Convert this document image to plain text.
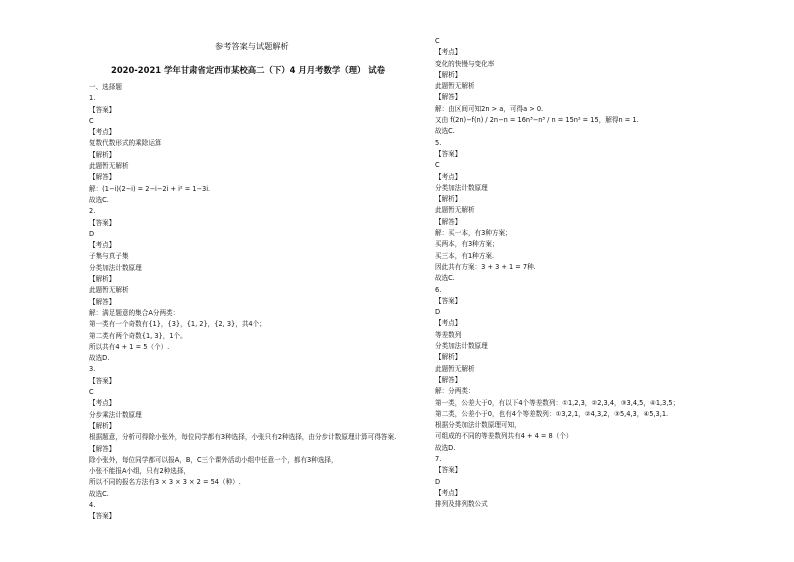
参考答案与试题解析
2020-2021 学年甘肃省定西市某校高二（下）4 月月考数学（理） 试卷
一、选择题
1.
【答案】
C
【考点】
复数代数形式的乘除运算
【解析】
此题暂无解析
【解答】
解：(1−i)(2−i) = 2−i−2i + i² = 1−3i.
故选C.
2.
【答案】
D
【考点】
子集与真子集
分类加法计数原理
【解析】
此题暂无解析
【解答】
解：满足题意的集合A分两类：
第一类有一个奇数有{1}，{3}，{1, 2}，{2, 3}，共4个；
第二类有两个奇数{1, 3}，1个。
所以共有4 + 1 = 5（个）.
故选D.
3.
【答案】
C
【考点】
分步乘法计数原理
【解析】
根据题意，分析可得除小张外，每位同学都有3种选择，小张只有2种选择，由分步计数原理计算可得答案.
【解答】
除小张外，每位同学都可以报A，B，C三个课外活动小组中任意一个，都有3种选择，
小张不能报A小组，只有2种选择，
所以不同的报名方法有3 × 3 × 3 × 2 = 54（种）.
故选C.
4.
【答案】
C
【考点】
变化的快慢与变化率
【解析】
此题暂无解析
【解答】
解：由区间可知2n > a，可得a > 0.
又由 f(2n)−f(n) / 2n−n = 16n³−n³ / n = 15n² = 15，解得n = 1.
故选C.
5.
【答案】
C
【考点】
分类加法计数原理
【解析】
此题暂无解析
【解答】
解：买一本，有3种方案；
买两本，有3种方案；
买三本，有1种方案.
因此共有方案：3 + 3 + 1 = 7种.
故选C.
6.
【答案】
D
【考点】
等差数列
分类加法计数原理
【解析】
此题暂无解析
【解答】
解：分两类：
第一类，公差大于0，有以下4个等差数列：①1,2,3，②2,3,4，③3,4,5，④1,3,5；
第二类，公差小于0，也有4个等差数列：①3,2,1，②4,3,2，③5,4,3，④5,3,1.
根据分类加法计数原理可知，
可组成的不同的等差数列共有4 + 4 = 8（个）
故选D.
7.
【答案】
D
【考点】
排列及排列数公式
